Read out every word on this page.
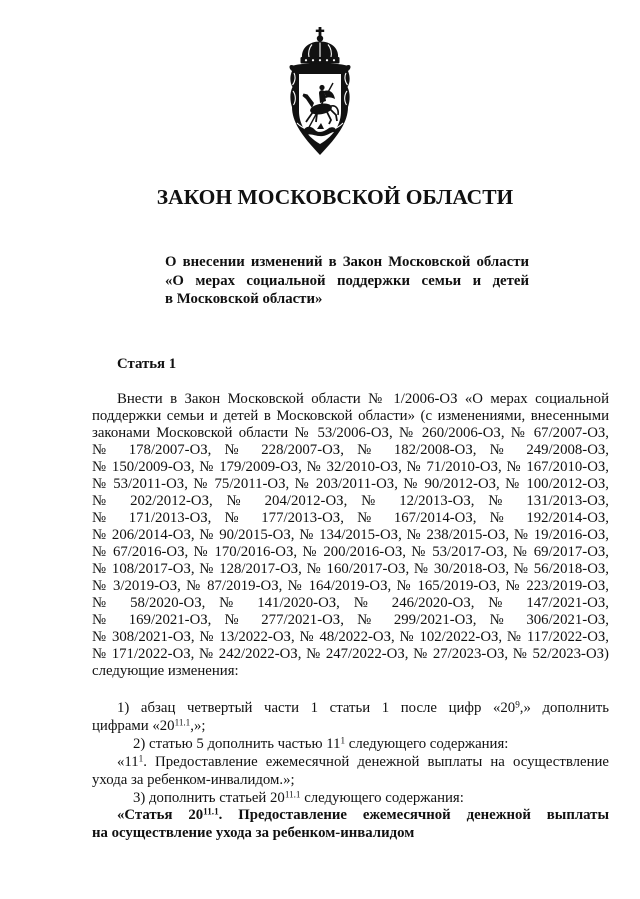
ЗАКОН МОСКОВСКОЙ ОБЛАСТИ
О внесении изменений в Закон Московской области
«О мерах социальной поддержки семьи и детей
в Московской области»
Статья 1
Внести в Закон Московской области № 1/2006-ОЗ «О мерах социальной
поддержки семьи и детей в Московской области» (с изменениями, внесенными
законами Московской области № 53/2006-ОЗ, № 260/2006-ОЗ, № 67/2007-ОЗ,
№ 178/2007-ОЗ, № 228/2007-ОЗ, № 182/2008-ОЗ, № 249/2008-ОЗ,
№ 150/2009-ОЗ, № 179/2009-ОЗ, № 32/2010-ОЗ, № 71/2010-ОЗ, № 167/2010-ОЗ,
№ 53/2011-ОЗ, № 75/2011-ОЗ, № 203/2011-ОЗ, № 90/2012-ОЗ, № 100/2012-ОЗ,
№ 202/2012-ОЗ, № 204/2012-ОЗ, № 12/2013-ОЗ, № 131/2013-ОЗ,
№ 171/2013-ОЗ, № 177/2013-ОЗ, № 167/2014-ОЗ, № 192/2014-ОЗ,
№ 206/2014-ОЗ, № 90/2015-ОЗ, № 134/2015-ОЗ, № 238/2015-ОЗ, № 19/2016-ОЗ,
№ 67/2016-ОЗ, № 170/2016-ОЗ, № 200/2016-ОЗ, № 53/2017-ОЗ, № 69/2017-ОЗ,
№ 108/2017-ОЗ, № 128/2017-ОЗ, № 160/2017-ОЗ, № 30/2018-ОЗ, № 56/2018-ОЗ,
№ 3/2019-ОЗ, № 87/2019-ОЗ, № 164/2019-ОЗ, № 165/2019-ОЗ, № 223/2019-ОЗ,
№ 58/2020-ОЗ, № 141/2020-ОЗ, № 246/2020-ОЗ, № 147/2021-ОЗ,
№ 169/2021-ОЗ, № 277/2021-ОЗ, № 299/2021-ОЗ, № 306/2021-ОЗ,
№ 308/2021-ОЗ, № 13/2022-ОЗ, № 48/2022-ОЗ, № 102/2022-ОЗ, № 117/2022-ОЗ,
№ 171/2022-ОЗ, № 242/2022-ОЗ, № 247/2022-ОЗ, № 27/2023-ОЗ, № 52/2023-ОЗ)
следующие изменения:
1) абзац четвертый части 1 статьи 1 после цифр «$20^9$,» дополнить
цифрами «$20^{11.1}$,»;
2) статью 5 дополнить частью $11^1$ следующего содержания:
«$11^1$. Предоставление ежемесячной денежной выплаты на осуществление
ухода за ребенком-инвалидом.»;
3) дополнить статьей $20^{11.1}$ следующего содержания:
«Статья $20^{11.1}$. Предоставление ежемесячной денежной выплаты
на осуществление ухода за ребенком-инвалидом
